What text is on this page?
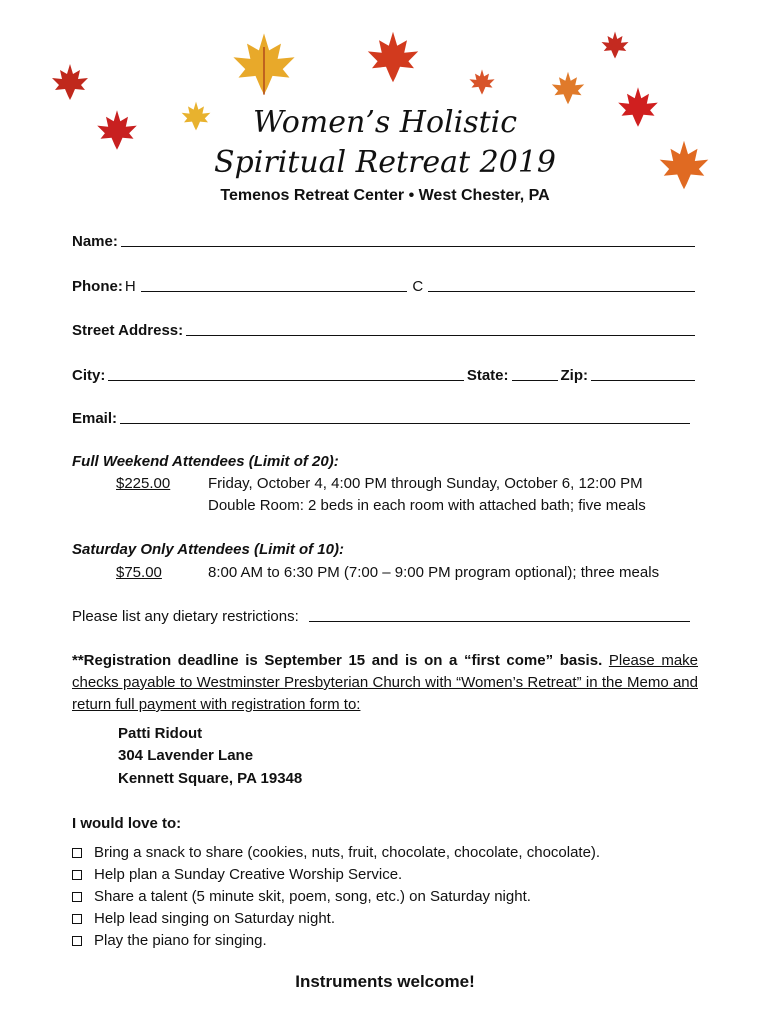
Women’s Holistic
Spiritual Retreat 2019
Temenos Retreat Center • West Chester, PA
Name:
Phone: H	C
Street Address:
City:	State:	Zip:
Email:
Full Weekend Attendees (Limit of 20):
$225.00	Friday, October 4, 4:00 PM through Sunday, October 6, 12:00 PM
Double Room: 2 beds in each room with attached bath; five meals
Saturday Only Attendees (Limit of 10):
$75.00	8:00 AM to 6:30 PM (7:00 – 9:00 PM program optional); three meals
Please list any dietary restrictions:
**Registration deadline is September 15 and is on a “first come” basis. Please make checks payable to Westminster Presbyterian Church with “Women’s Retreat” in the Memo and return full payment with registration form to:
Patti Ridout
304 Lavender Lane
Kennett Square, PA 19348
I would love to:
Bring a snack to share (cookies, nuts, fruit, chocolate, chocolate, chocolate).
Help plan a Sunday Creative Worship Service.
Share a talent (5 minute skit, poem, song, etc.) on Saturday night.
Help lead singing on Saturday night.
Play the piano for singing.
Instruments welcome!
